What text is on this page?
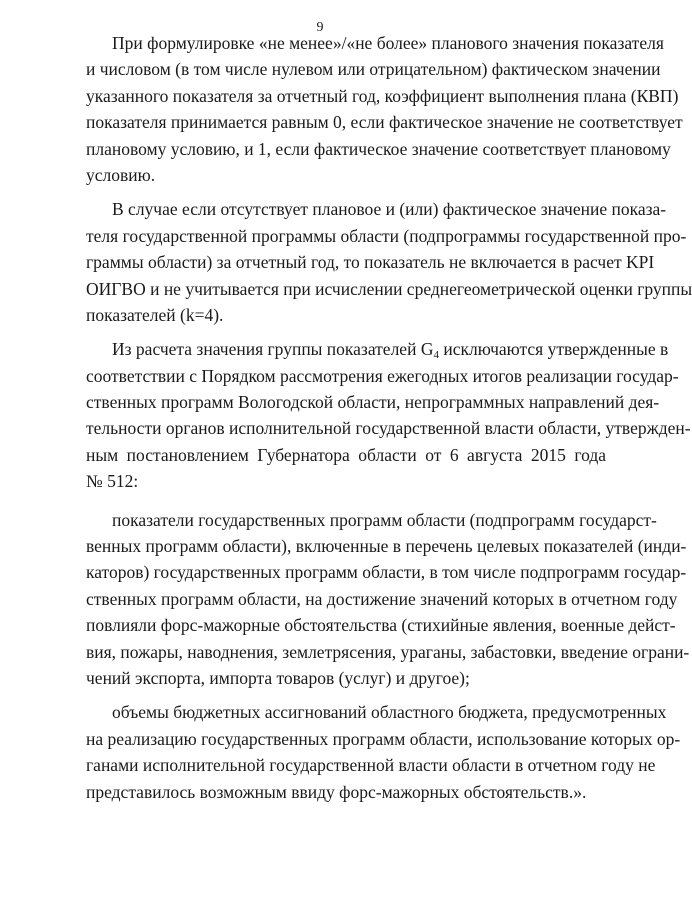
9
При формулировке «не менее»/«не более» планового значения показателя
и числовом (в том числе нулевом или отрицательном) фактическом значении
указанного показателя за отчетный год, коэффициент выполнения плана (КВП)
показателя принимается равным 0, если фактическое значение не соответствует
плановому условию, и 1, если фактическое значение соответствует плановому
условию.
В случае если отсутствует плановое и (или) фактическое значение показа-
теля государственной программы области (подпрограммы государственной про-
граммы области) за отчетный год, то показатель не включается в расчет KPI
ОИГВО и не учитывается при исчислении среднегеометрической оценки группы
показателей (k=4).
Из расчета значения группы показателей $G_4$ исключаются утвержденные в
соответствии с Порядком рассмотрения ежегодных итогов реализации государ-
ственных программ Вологодской области, непрограммных направлений дея-
тельности органов исполнительной государственной власти области, утвержден-
ным постановлением Губернатора области от 6 августа 2015 года
№ 512:
показатели государственных программ области (подпрограмм государст-
венных программ области), включенные в перечень целевых показателей (инди-
каторов) государственных программ области, в том числе подпрограмм государ-
ственных программ области, на достижение значений которых в отчетном году
повлияли форс-мажорные обстоятельства (стихийные явления, военные дейст-
вия, пожары, наводнения, землетрясения, ураганы, забастовки, введение ограни-
чений экспорта, импорта товаров (услуг) и другое);
объемы бюджетных ассигнований областного бюджета, предусмотренных
на реализацию государственных программ области, использование которых ор-
ганами исполнительной государственной власти области в отчетном году не
представилось возможным ввиду форс-мажорных обстоятельств.».
